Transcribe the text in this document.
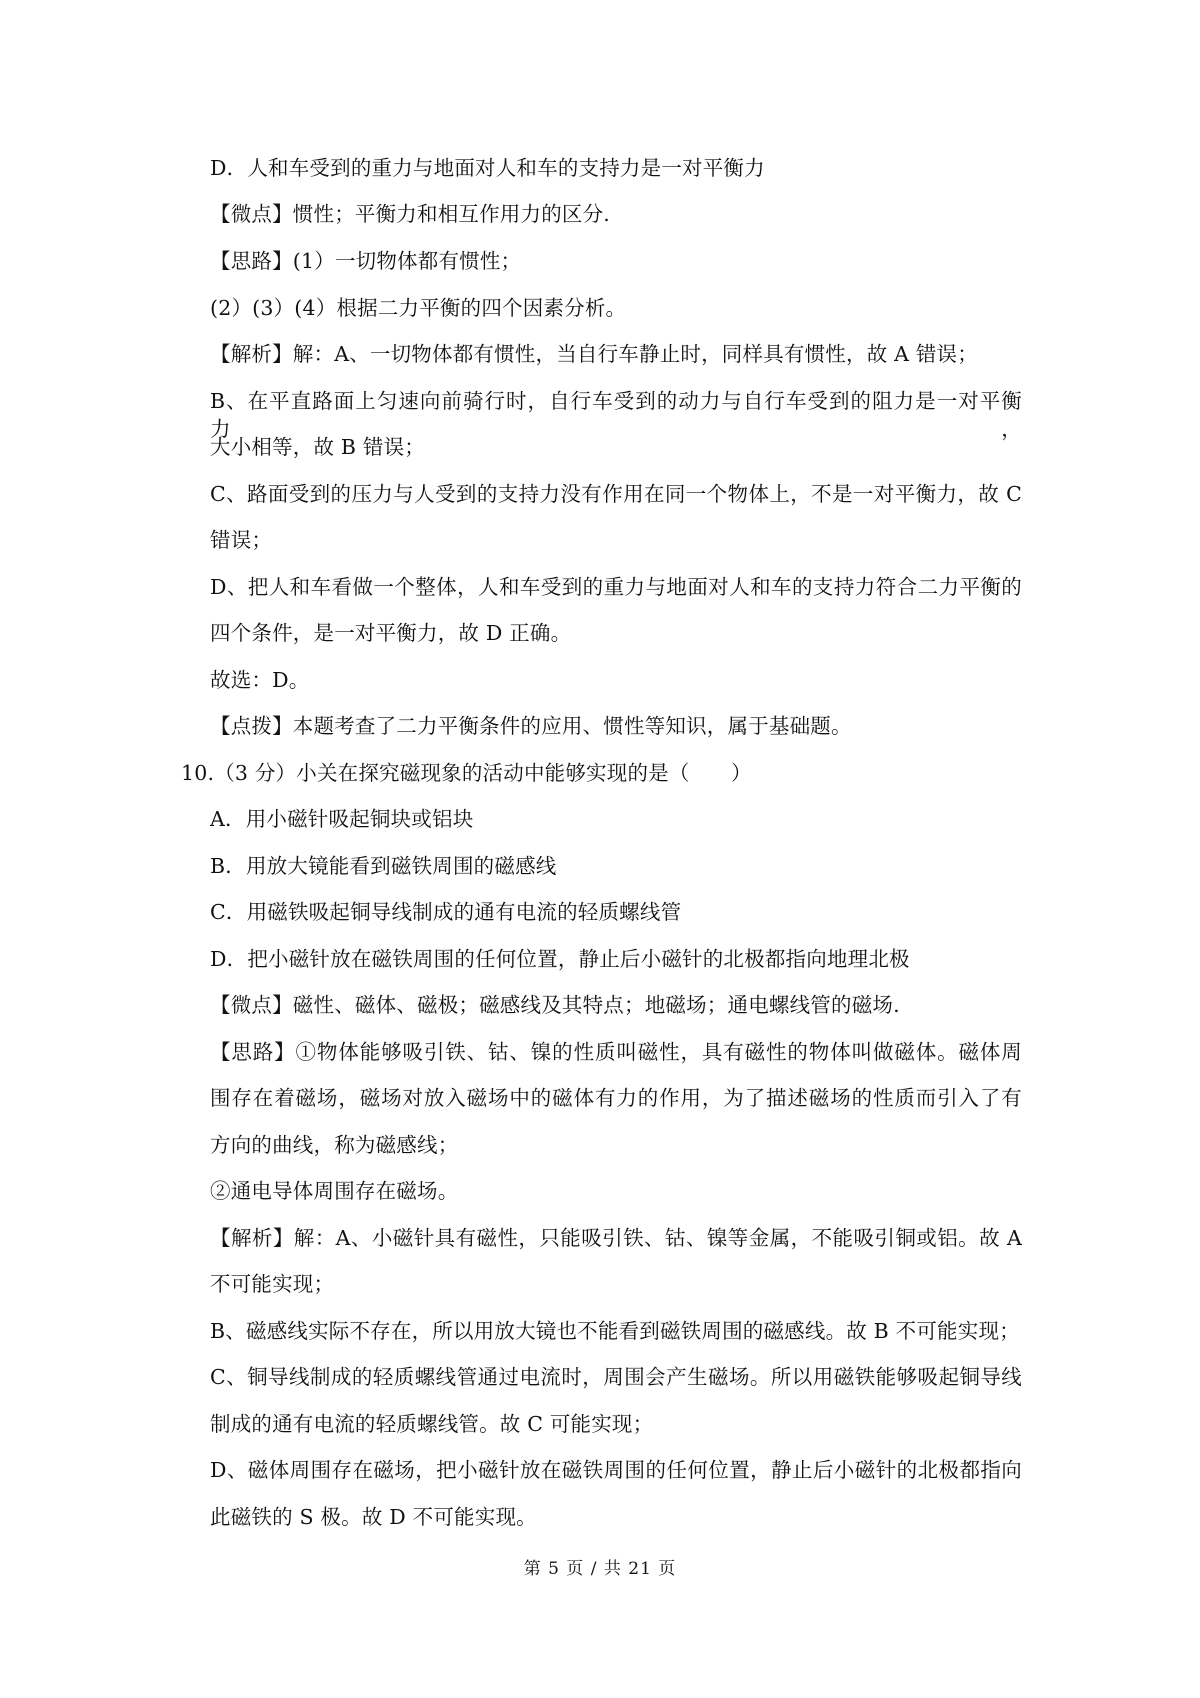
D．人和车受到的重力与地面对人和车的支持力是一对平衡力
【微点】惯性；平衡力和相互作用力的区分.
【思路】(1）一切物体都有惯性；
(2）(3）(4）根据二力平衡的四个因素分析。
【解析】解：A、一切物体都有惯性，当自行车静止时，同样具有惯性，故 A 错误；
B、在平直路面上匀速向前骑行时，自行车受到的动力与自行车受到的阻力是一对平衡力，
大小相等，故 B 错误；
C、路面受到的压力与人受到的支持力没有作用在同一个物体上，不是一对平衡力，故 C
错误；
D、把人和车看做一个整体，人和车受到的重力与地面对人和车的支持力符合二力平衡的
四个条件，是一对平衡力，故 D 正确。
故选：D。
【点拨】本题考查了二力平衡条件的应用、惯性等知识，属于基础题。
10.（3 分）小关在探究磁现象的活动中能够实现的是（　　）
A．用小磁针吸起铜块或铝块
B．用放大镜能看到磁铁周围的磁感线
C．用磁铁吸起铜导线制成的通有电流的轻质螺线管
D．把小磁针放在磁铁周围的任何位置，静止后小磁针的北极都指向地理北极
【微点】磁性、磁体、磁极；磁感线及其特点；地磁场；通电螺线管的磁场.
【思路】①物体能够吸引铁、钴、镍的性质叫磁性，具有磁性的物体叫做磁体。磁体周
围存在着磁场，磁场对放入磁场中的磁体有力的作用，为了描述磁场的性质而引入了有
方向的曲线，称为磁感线；
②通电导体周围存在磁场。
【解析】解：A、小磁针具有磁性，只能吸引铁、钴、镍等金属，不能吸引铜或铝。故 A
不可能实现；
B、磁感线实际不存在，所以用放大镜也不能看到磁铁周围的磁感线。故 B 不可能实现；
C、铜导线制成的轻质螺线管通过电流时，周围会产生磁场。所以用磁铁能够吸起铜导线
制成的通有电流的轻质螺线管。故 C 可能实现；
D、磁体周围存在磁场，把小磁针放在磁铁周围的任何位置，静止后小磁针的北极都指向
此磁铁的 S 极。故 D 不可能实现。
第 5 页 / 共 21 页
